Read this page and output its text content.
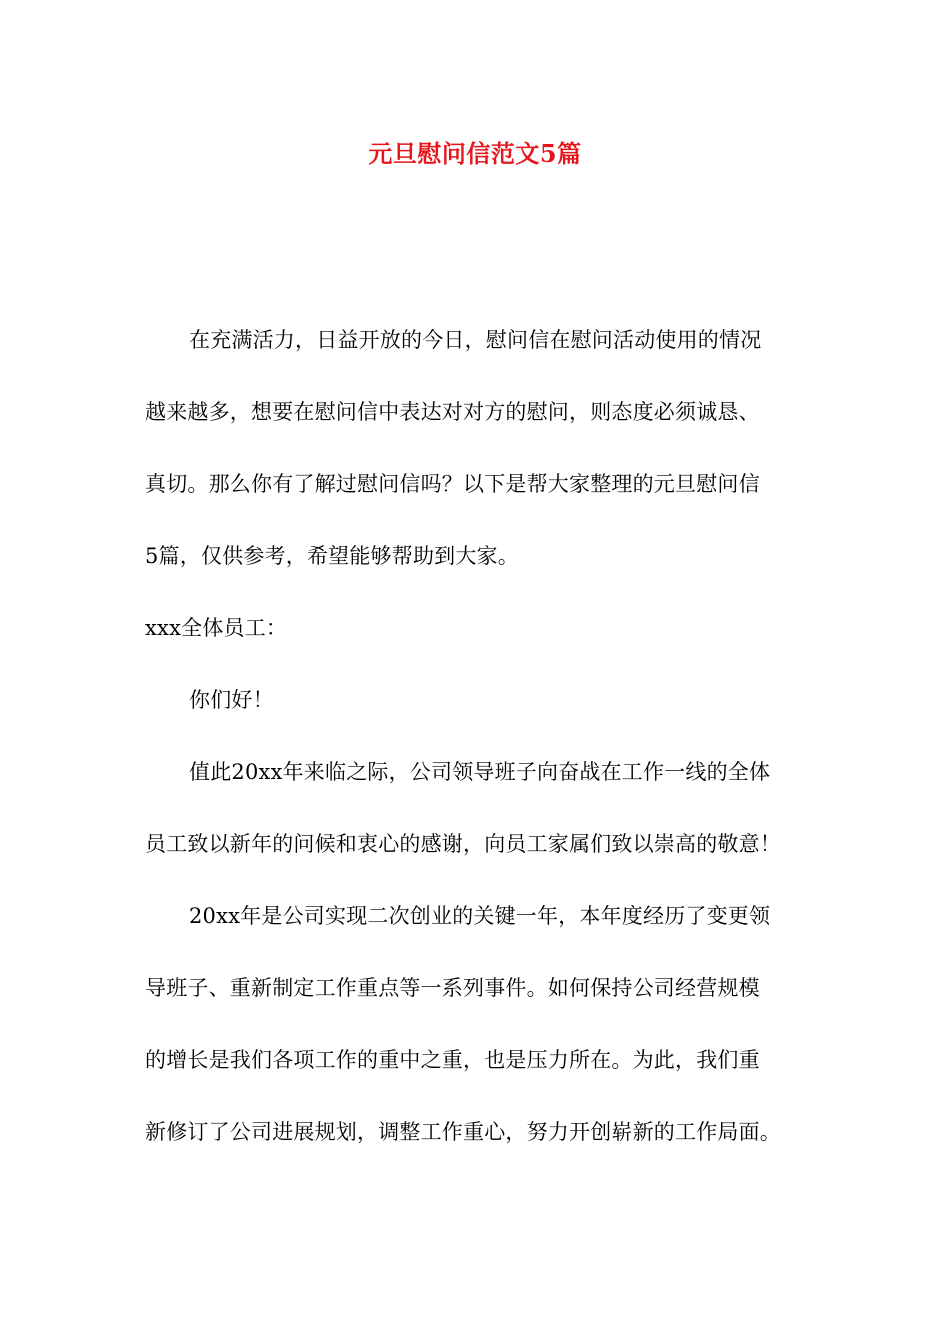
元旦慰问信范文5篇
在充满活力，日益开放的今日，慰问信在慰问活动使用的情况
越来越多，想要在慰问信中表达对对方的慰问，则态度必须诚恳、
真切。那么你有了解过慰问信吗？以下是帮大家整理的元旦慰问信
5篇，仅供参考，希望能够帮助到大家。
xxx全体员工：
你们好！
值此20xx年来临之际，公司领导班子向奋战在工作一线的全体
员工致以新年的问候和衷心的感谢，向员工家属们致以崇高的敬意！
20xx年是公司实现二次创业的关键一年，本年度经历了变更领
导班子、重新制定工作重点等一系列事件。如何保持公司经营规模
的增长是我们各项工作的重中之重，也是压力所在。为此，我们重
新修订了公司进展规划，调整工作重心，努力开创崭新的工作局面。
